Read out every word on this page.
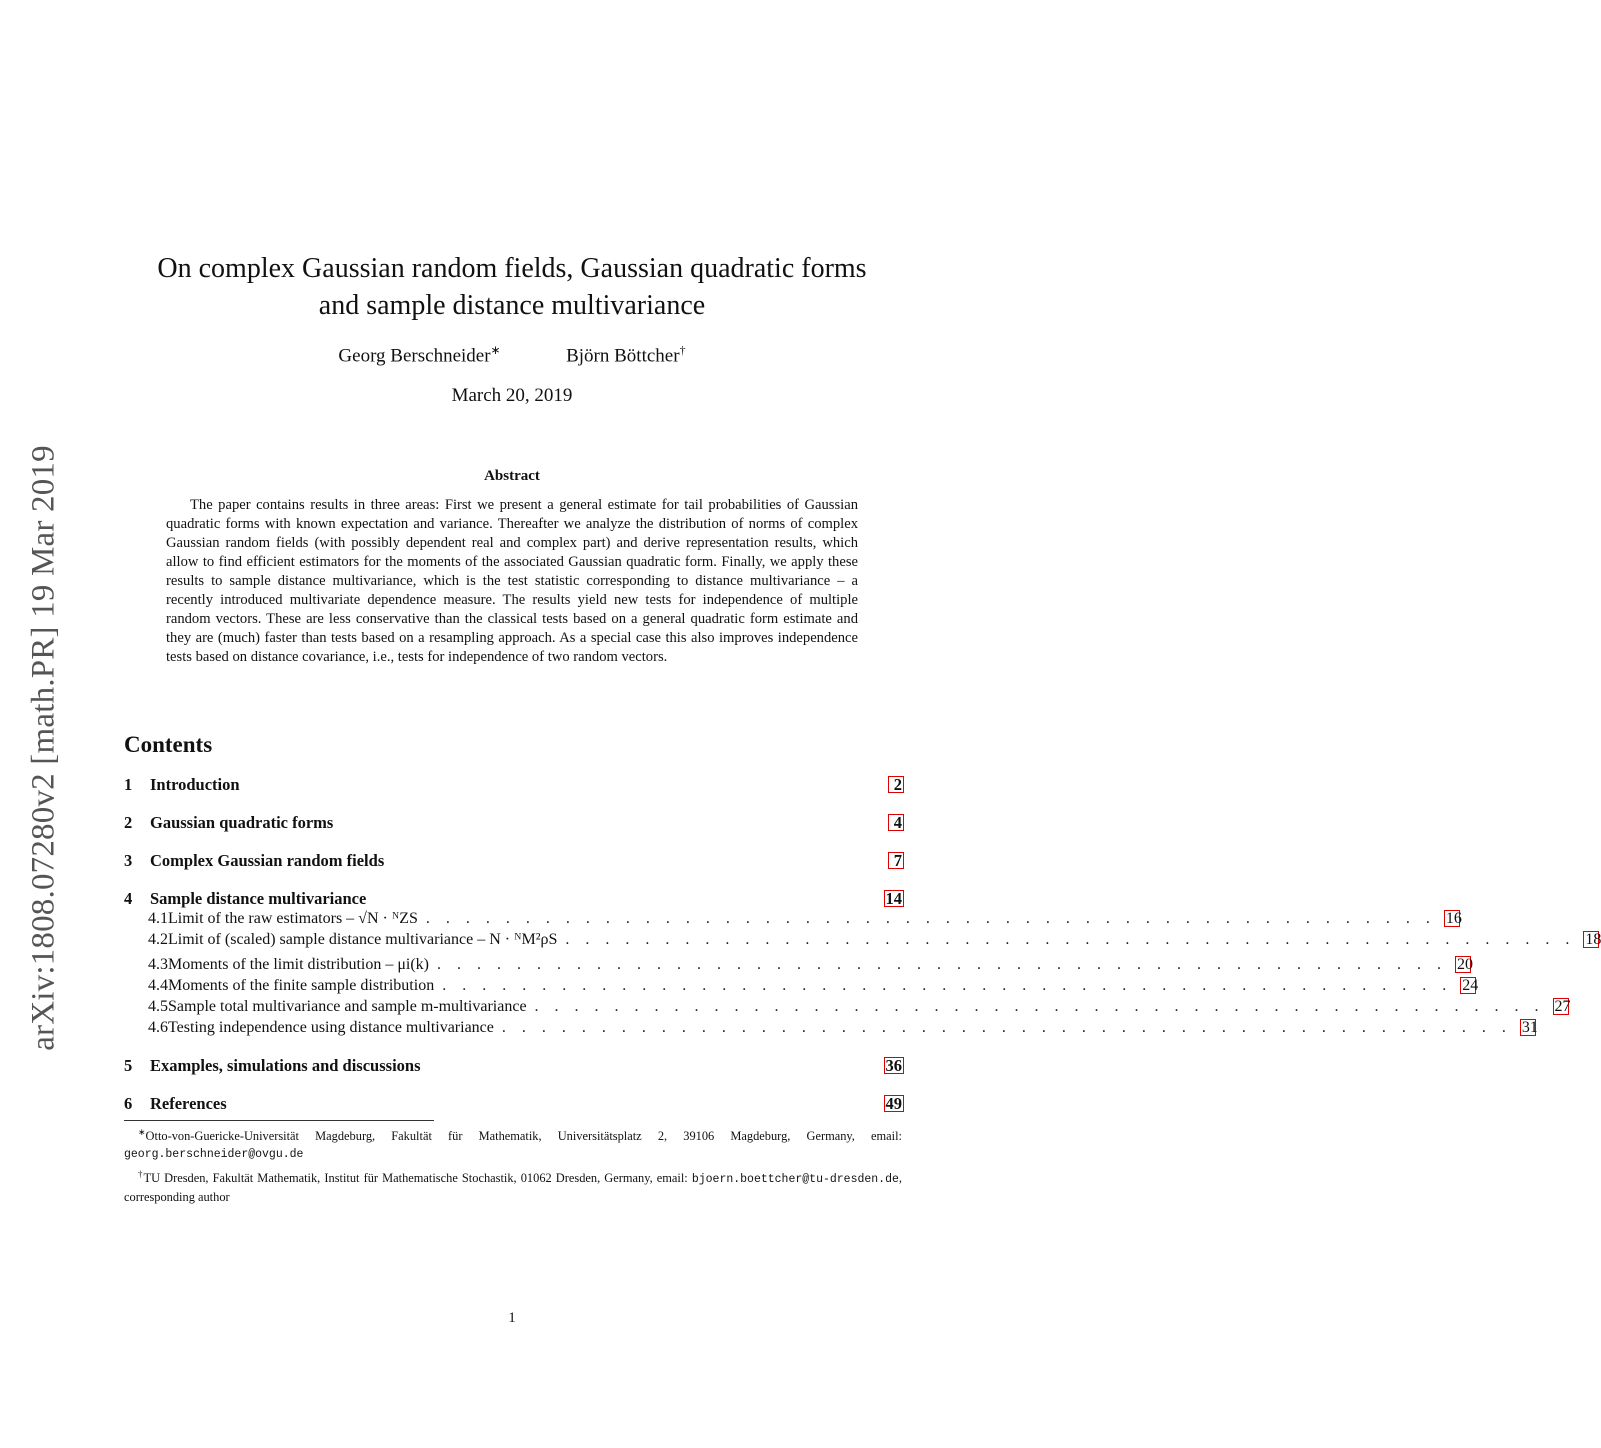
arXiv:1808.07280v2 [math.PR] 19 Mar 2019
On complex Gaussian random fields, Gaussian quadratic forms
and sample distance multivariance
Georg Berschneider∗	Björn Böttcher†
March 20, 2019
Abstract

The paper contains results in three areas: First we present a general estimate for tail probabilities of Gaussian quadratic forms with known expectation and variance. Thereafter we analyze the distribution of norms of complex Gaussian random fields (with possibly dependent real and complex part) and derive representation results, which allow to find efficient estimators for the moments of the associated Gaussian quadratic form. Finally, we apply these results to sample distance multivariance, which is the test statistic corresponding to distance multivariance – a recently introduced multivariate dependence measure. The results yield new tests for independence of multiple random vectors. These are less conservative than the classical tests based on a general quadratic form estimate and they are (much) faster than tests based on a resampling approach. As a special case this also improves independence tests based on distance covariance, i.e., tests for independence of two random vectors.

Contents
1	Introduction	2
2	Gaussian quadratic forms	4
3	Complex Gaussian random fields	7
4	Sample distance multivariance	14
4.1 Limit of the raw estimators – √N · ᴺZS . . . . . . . . . . . . . . . . . . . . . . . . . . . . . . . . . . . . . . . . . . . . . . . . . . . 16
4.2 Limit of (scaled) sample distance multivariance – N · ᴺM²ρS . . . . . . . . . . . . . . . . . . . . . . . . . . . . . . . . . . . . . . . . . . . . . . . . . . . 18
4.3 Moments of the limit distribution – μi(k) . . . . . . . . . . . . . . . . . . . . . . . . . . . . . . . . . . . . . . . . . . . . . . . . . . . 20
4.4 Moments of the finite sample distribution . . . . . . . . . . . . . . . . . . . . . . . . . . . . . . . . . . . . . . . . . . . . . . . . . . . 24
4.5 Sample total multivariance and sample m-multivariance . . . . . . . . . . . . . . . . . . . . . . . . . . . . . . . . . . . . . . . . . . . . . . . . . . . 27
4.6 Testing independence using distance multivariance . . . . . . . . . . . . . . . . . . . . . . . . . . . . . . . . . . . . . . . . . . . . . . . . . . . 31
5	Examples, simulations and discussions	36
6	References	49

∗Otto-von-Guericke-Universität Magdeburg, Fakultät für Mathematik, Universitätsplatz 2, 39106 Magdeburg, Germany, email: georg.berschneider@ovgu.de

†TU Dresden, Fakultät Mathematik, Institut für Mathematische Stochastik, 01062 Dresden, Germany, email: bjoern.boettcher@tu-dresden.de, corresponding author

1
